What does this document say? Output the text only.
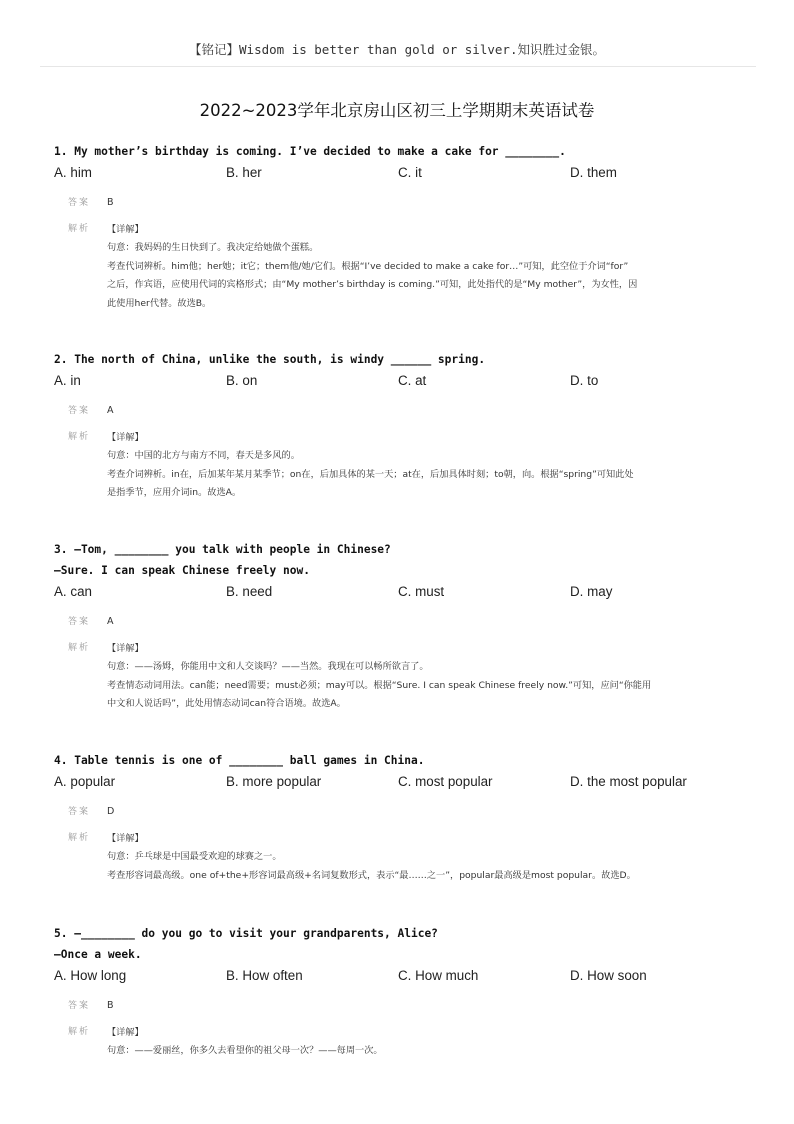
【铭记】Wisdom is better than gold or silver.知识胜过金银。
2022~2023学年北京房山区初三上学期期末英语试卷
1. My mother’s birthday is coming. I’ve decided to make a cake for ________.
A. him	B. her	C. it	D. them
答案 B
解析 【详解】

句意：我妈妈的生日快到了。我决定给她做个蛋糕。

考查代词辨析。him他；her她；it它；them他/她/它们。根据“I’ve decided to make a cake for…”可知，此空位于介词“for”

之后，作宾语，应使用代词的宾格形式；由“My mother’s birthday is coming.”可知，此处指代的是“My mother”，为女性，因

此使用her代替。故选B。

2. The north of China, unlike the south, is windy ______ spring.
A. in	B. on	C. at	D. to
答案 A
解析 【详解】

句意：中国的北方与南方不同，春天是多风的。

考查介词辨析。in在，后加某年某月某季节；on在，后加具体的某一天；at在，后加具体时刻；to朝，向。根据“spring”可知此处

是指季节，应用介词in。故选A。

3. —Tom, ________ you talk with people in Chinese?
—Sure. I can speak Chinese freely now.
A. can	B. need	C. must	D. may
答案 A
解析 【详解】

句意：——汤姆，你能用中文和人交谈吗？——当然。我现在可以畅所欲言了。

考查情态动词用法。can能；need需要；must必须；may可以。根据“Sure. I can speak Chinese freely now.”可知，应问“你能用

中文和人说话吗”，此处用情态动词can符合语境。故选A。

4. Table tennis is one of ________ ball games in China.
A. popular	B. more popular	C. most popular	D. the most popular
答案 D
解析 【详解】

句意：乒乓球是中国最受欢迎的球赛之一。

考查形容词最高级。one of+the+形容词最高级+名词复数形式，表示“最……之一”，popular最高级是most popular。故选D。

5. —________ do you go to visit your grandparents, Alice?
—Once a week.
A. How long	B. How often	C. How much	D. How soon
答案 B
解析 【详解】

句意：——爱丽丝，你多久去看望你的祖父母一次？——每周一次。
